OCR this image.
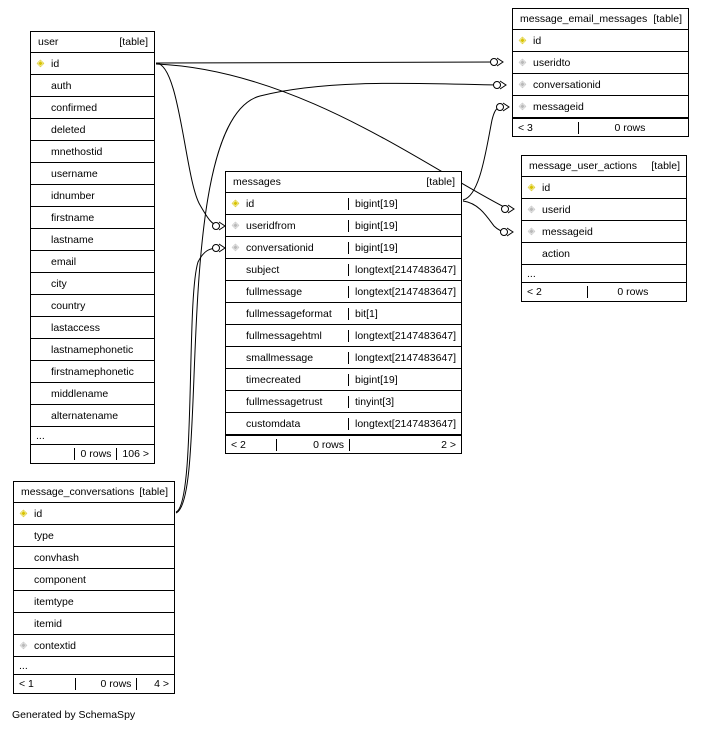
user	[table]
◈ id
auth
confirmed
deleted
mnethostid
username
idnumber
firstname
lastname
email
city
country
lastaccess
lastnamephonetic
firstnamephonetic
middlename
alternatename
...
0 rows	106 >
messages	[table]
◈ id	bigint[19]
◈ useridfrom	bigint[19]
◈ conversationid	bigint[19]
subject	longtext[2147483647]
fullmessage	longtext[2147483647]
fullmessageformat	bit[1]
fullmessagehtml	longtext[2147483647]
smallmessage	longtext[2147483647]
timecreated	bigint[19]
fullmessagetrust	tinyint[3]
customdata	longtext[2147483647]
< 2	0 rows	2 >
message_email_messages [table]
◈ id
◈ useridto
◈ conversationid
◈ messageid
< 3	0 rows
message_user_actions [table]
◈ id
◈ userid
◈ messageid
action
...
< 2	0 rows
message_conversations [table]
◈ id
type
convhash
component
itemtype
itemid
◈ contextid
...
< 1	0 rows	4 >
Generated by SchemaSpy
